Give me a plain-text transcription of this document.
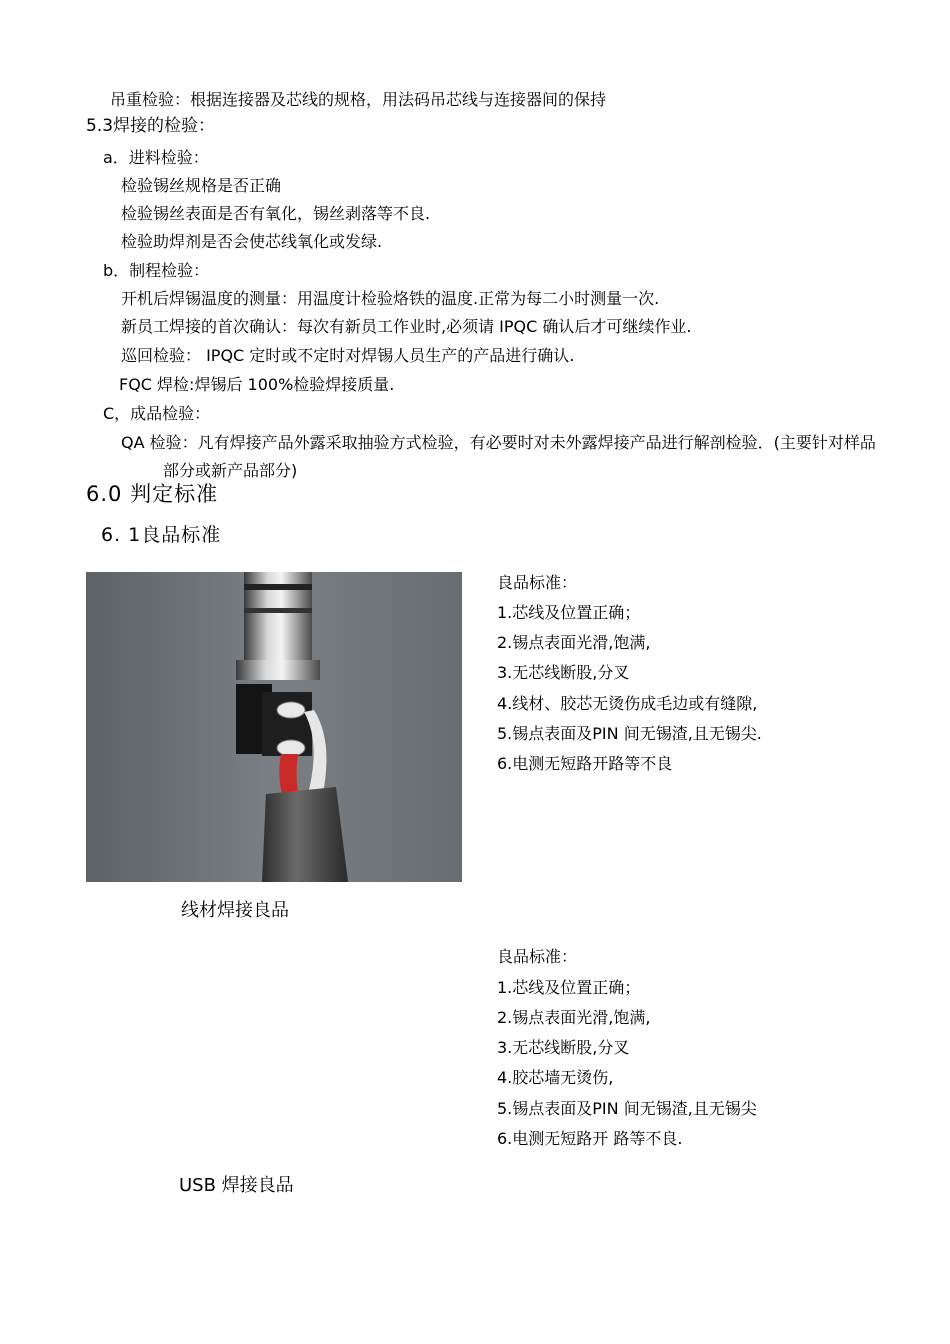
吊重检验：根据连接器及芯线的规格，用法码吊芯线与连接器间的保持
5.3焊接的检验：
a．进料检验：
检验锡丝规格是否正确
检验锡丝表面是否有氧化，锡丝剥落等不良.
检验助焊剂是否会使芯线氧化或发绿.
b．制程检验：
开机后焊锡温度的测量：用温度计检验烙铁的温度.正常为每二小时测量一次.
新员工焊接的首次确认：每次有新员工作业时,必须请 IPQC 确认后才可继续作业.
巡回检验： IPQC 定时或不定时对焊锡人员生产的产品进行确认.
FQC 焊检:焊锡后 100%检验焊接质量.
C，成品检验：
QA 检验：凡有焊接产品外露采取抽验方式检验，有必要时对未外露焊接产品进行解剖检验．(主要针对样品
部分或新产品部分)
6.0 判定标准
6. 1良品标准
良品标准：
1.芯线及位置正确；
2.锡点表面光滑,饱满,
3.无芯线断股,分叉
4.线材、胶芯无烫伤成毛边或有缝隙,
5.锡点表面及PIN 间无锡渣,且无锡尖.
6.电测无短路开路等不良
线材焊接良品
良品标准：
1.芯线及位置正确；
2.锡点表面光滑,饱满,
3.无芯线断股,分叉
4.胶芯墙无烫伤,
5.锡点表面及PIN 间无锡渣,且无锡尖
6.电测无短路开 路等不良.
USB 焊接良品
